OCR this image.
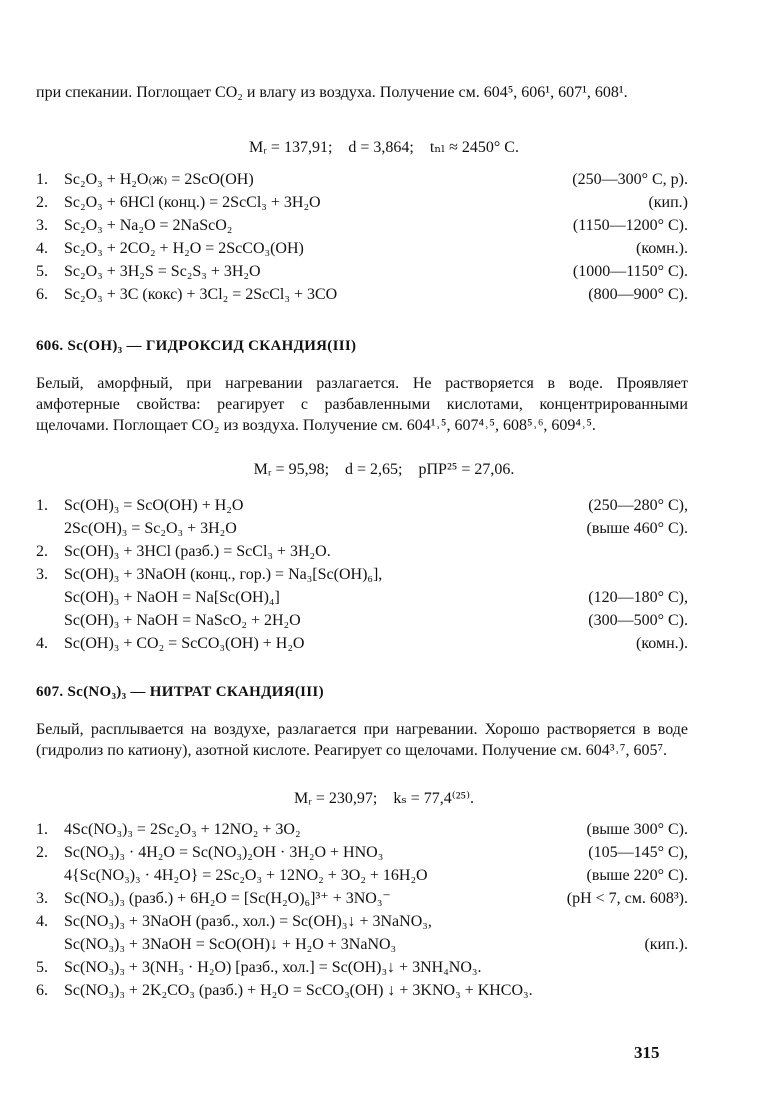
при спекании. Поглощает CO₂ и влагу из воздуха. Получение см. 604⁵, 606¹, 607¹, 608¹.
Mᵣ = 137,91;    d = 3,864;    tₙₗ ≈ 2450° C.
1.	Sc₂O₃ + H₂O₍ж₎ = 2ScO(OH)	(250—300° C, p).
2.	Sc₂O₃ + 6HCl (конц.) = 2ScCl₃ + 3H₂O	(кип.)
3.	Sc₂O₃ + Na₂O = 2NaScO₂	(1150—1200° C).
4.	Sc₂O₃ + 2CO₂ + H₂O = 2ScCO₃(OH)	(комн.).
5.	Sc₂O₃ + 3H₂S = Sc₂S₃ + 3H₂O	(1000—1150° C).
6.	Sc₂O₃ + 3C (кокс) + 3Cl₂ = 2ScCl₃ + 3CO	(800—900° C).
606. Sc(OH)₃ — ГИДРОКСИД СКАНДИЯ(III)
Белый, аморфный, при нагревании разлагается. Не растворяется в воде. Проявляет амфотерные свойства: реагирует с разбавленными кислотами, концентрированными щелочами. Поглощает CO₂ из воздуха. Получение см. 604¹˒⁵, 607⁴˒⁵, 608⁵˒⁶, 609⁴˒⁵.
Mᵣ = 95,98;    d = 2,65;    pПР²⁵ = 27,06.
1.	Sc(OH)₃ = ScO(OH) + H₂O	(250—280° C),
2Sc(OH)₃ = Sc₂O₃ + 3H₂O	(выше 460° C).
2.	Sc(OH)₃ + 3HCl (разб.) = ScCl₃ + 3H₂O.
3.	Sc(OH)₃ + 3NaOH (конц., гор.) = Na₃[Sc(OH)₆],
Sc(OH)₃ + NaOH = Na[Sc(OH)₄]	(120—180° C),
Sc(OH)₃ + NaOH = NaScO₂ + 2H₂O	(300—500° C).
4.	Sc(OH)₃ + CO₂ = ScCO₃(OH) + H₂O	(комн.).
607. Sc(NO₃)₃ — НИТРАТ СКАНДИЯ(III)
Белый, расплывается на воздухе, разлагается при нагревании. Хорошо растворяется в воде (гидролиз по катиону), азотной кислоте. Реагирует со щелочами. Получение см. 604³˒⁷, 605⁷.
Mᵣ = 230,97;    kₛ = 77,4⁽²⁵⁾.
1.	4Sc(NO₃)₃ = 2Sc₂O₃ + 12NO₂ + 3O₂	(выше 300° C).
2.	Sc(NO₃)₃ · 4H₂O = Sc(NO₃)₂OH · 3H₂O + HNO₃	(105—145° C),
4{Sc(NO₃)₃ · 4H₂O} = 2Sc₂O₃ + 12NO₂ + 3O₂ + 16H₂O	(выше 220° C).
3.	Sc(NO₃)₃ (разб.) + 6H₂O = [Sc(H₂O)₆]³⁺ + 3NO₃⁻	(pH < 7, см. 608³).
4.	Sc(NO₃)₃ + 3NaOH (разб., хол.) = Sc(OH)₃↓ + 3NaNO₃,
Sc(NO₃)₃ + 3NaOH = ScO(OH)↓ + H₂O + 3NaNO₃	(кип.).
5.	Sc(NO₃)₃ + 3(NH₃ · H₂O) [разб., хол.] = Sc(OH)₃↓ + 3NH₄NO₃.
6.	Sc(NO₃)₃ + 2K₂CO₃ (разб.) + H₂O = ScCO₃(OH) ↓ + 3KNO₃ + KHCO₃.
315
